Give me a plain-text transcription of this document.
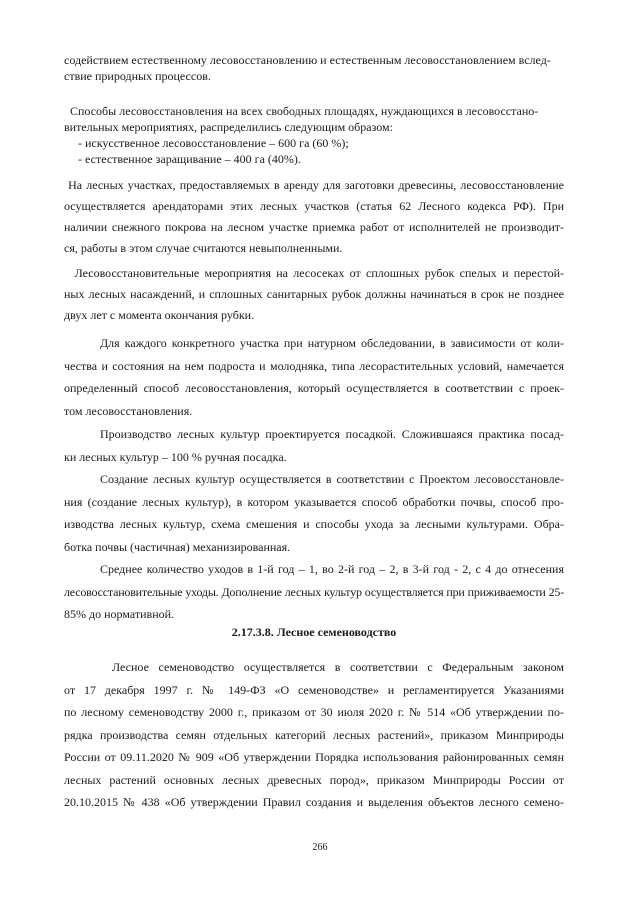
содействием естественному лесовосстановлению и естественным лесовосстановлением вслед-
ствие природных процессов.
Способы лесовосстановления на всех свободных площадях, нуждающихся в лесовосстано-
вительных мероприятиях, распределились следующим образом:
- искусственное лесовосстановление – 600 га (60 %);
- естественное заращивание – 400 га (40%).
На лесных участках, предоставляемых в аренду для заготовки древесины, лесовосстановление
осуществляется арендаторами этих лесных участков (статья 62 Лесного кодекса РФ). При
наличии снежного покрова на лесном участке приемка работ от исполнителей не производит-
ся, работы в этом случае считаются невыполненными.
Лесовосстановительные мероприятия на лесосеках от сплошных рубок спелых и перестой-
ных лесных насаждений, и сплошных санитарных рубок должны начинаться в срок не позднее
двух лет с момента окончания рубки.
Для каждого конкретного участка при натурном обследовании, в зависимости от коли-
чества и состояния на нем подроста и молодняка, типа лесорастительных условий, намечается
определенный способ лесовосстановления, который осуществляется в соответствии с проек-
том лесовосстановления.
Производство лесных культур проектируется посадкой. Сложившаяся практика посад-
ки лесных культур – 100 % ручная посадка.
Создание лесных культур осуществляется в соответствии с Проектом лесовосстановле-
ния (создание лесных культур), в котором указывается способ обработки почвы, способ про-
изводства лесных культур, схема смешения и способы ухода за лесными культурами. Обра-
ботка почвы (частичная) механизированная.
Среднее количество уходов в 1-й год – 1, во 2-й год – 2, в 3-й год - 2, с 4 до отнесения
лесовосстановительные уходы. Дополнение лесных культур осуществляется при приживаемости 25-
85% до нормативной.
2.17.3.8. Лесное семеноводство
Лесное семеноводство осуществляется в соответствии с Федеральным законом
от 17 декабря 1997 г. № 149-ФЗ «О семеноводстве» и регламентируется Указаниями
по лесному семеноводству 2000 г., приказом от 30 июля 2020 г. № 514 «Об утверждении по-
рядка производства семян отдельных категорий лесных растений», приказом Минприроды
России от 09.11.2020 № 909 «Об утверждении Порядка использования районированных семян
лесных растений основных лесных древесных пород», приказом Минприроды России от
20.10.2015 № 438 «Об утверждении Правил создания и выделения объектов лесного семено-
266
